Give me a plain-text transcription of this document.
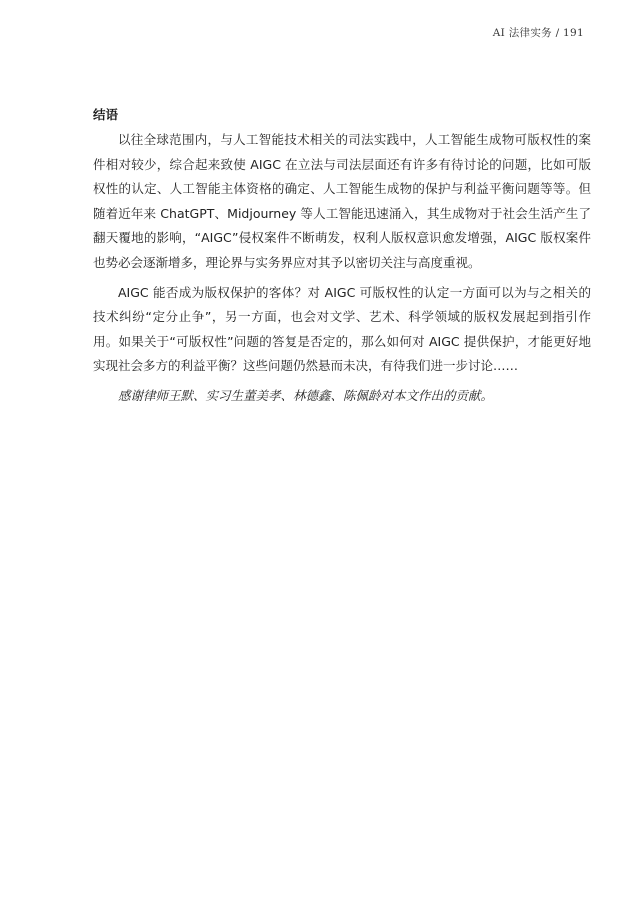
AI 法律实务 / 191
结语

以往全球范围内，与人工智能技术相关的司法实践中，人工智能生成物可版权性的案件相对较少，综合起来致使 AIGC 在立法与司法层面还有许多有待讨论的问题，比如可版权性的认定、人工智能主体资格的确定、人工智能生成物的保护与利益平衡问题等等。但随着近年来 ChatGPT、Midjourney 等人工智能迅速涌入，其生成物对于社会生活产生了翻天覆地的影响，“AIGC”侵权案件不断萌发，权利人版权意识愈发增强，AIGC 版权案件也势必会逐渐增多，理论界与实务界应对其予以密切关注与高度重视。

AIGC 能否成为版权保护的客体？对 AIGC 可版权性的认定一方面可以为与之相关的技术纠纷“定分止争”，另一方面，也会对文学、艺术、科学领域的版权发展起到指引作用。如果关于“可版权性”问题的答复是否定的，那么如何对 AIGC 提供保护，才能更好地实现社会多方的利益平衡？这些问题仍然悬而未决，有待我们进一步讨论……

感谢律师王默、实习生董美孝、林德鑫、陈佩龄对本文作出的贡献。
